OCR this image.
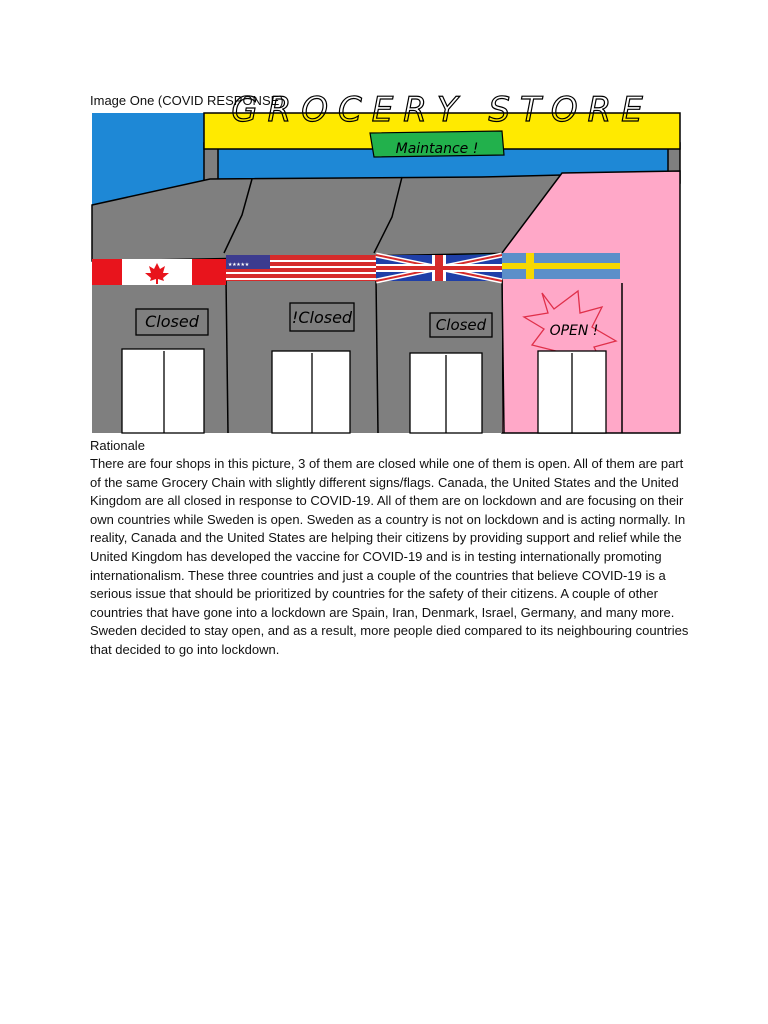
Image One (COVID RESPONSE)
GROCERY STORE
Maintance !
★★★★★
Closed	!Closed	Closed	OPEN !
Rationale

There are four shops in this picture, 3 of them are closed while one of them is open. All of them are part of the same Grocery Chain with slightly different signs/flags. Canada, the United States and the United Kingdom are all closed in response to COVID-19. All of them are on lockdown and are focusing on their own countries while Sweden is open. Sweden as a country is not on lockdown and is acting normally. In reality, Canada and the United States are helping their citizens by providing support and relief while the United Kingdom has developed the vaccine for COVID-19 and is in testing internationally promoting internationalism. These three countries and just a couple of the countries that believe COVID-19 is a serious issue that should be prioritized by countries for the safety of their citizens. A couple of other countries that have gone into a lockdown are Spain, Iran, Denmark, Israel, Germany, and many more. Sweden decided to stay open, and as a result, more people died compared to its neighbouring countries that decided to go into lockdown.
